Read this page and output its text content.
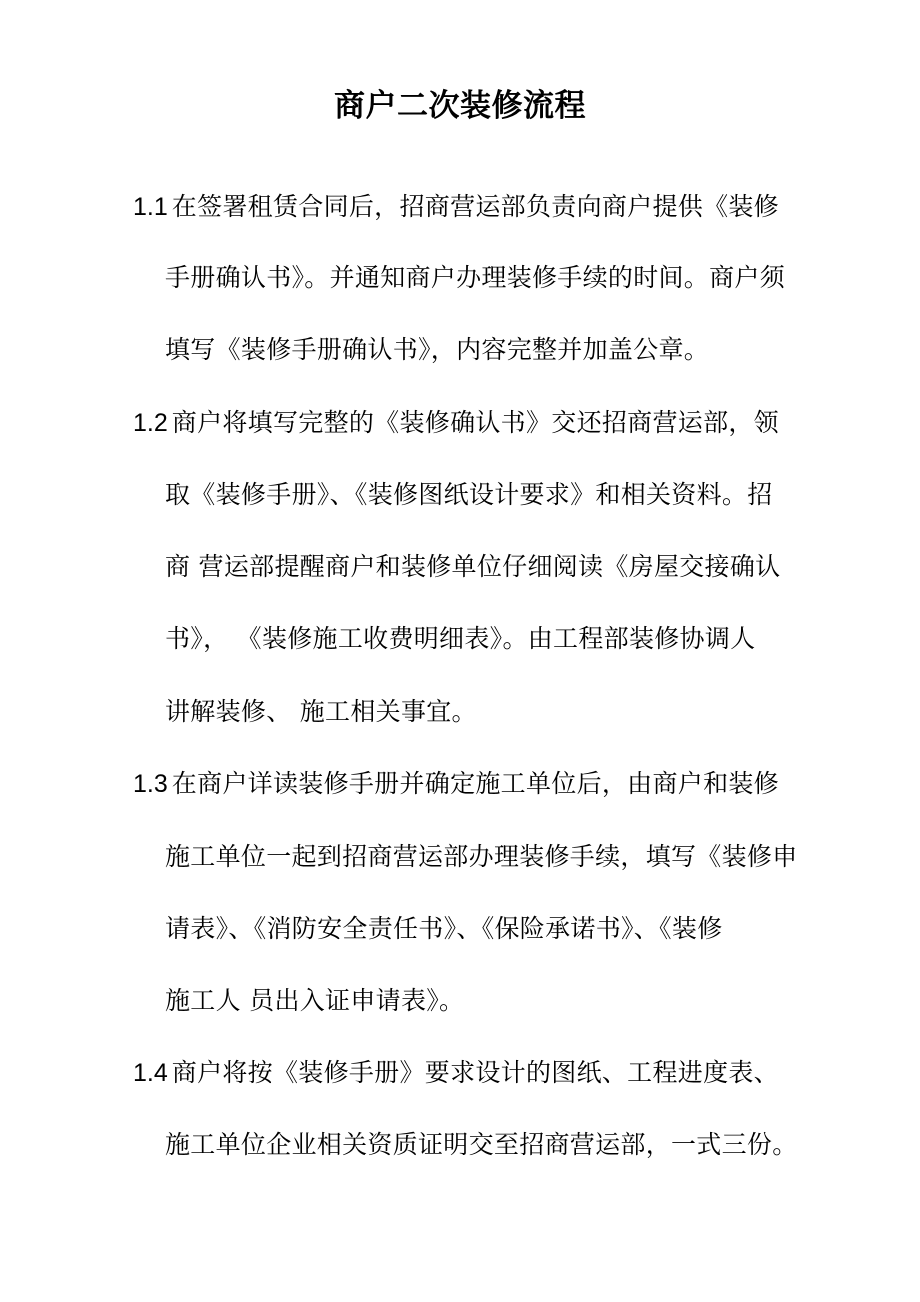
商户二次装修流程
1.1 在签署租赁合同后，招商营运部负责向商户提供《装修
手册确认书》。并通知商户办理装修手续的时间。商户须
填写《装修手册确认书》，内容完整并加盖公章。
1.2 商户将填写完整的《装修确认书》交还招商营运部，领
取《装修手册》、《装修图纸设计要求》和相关资料。招
商 营运部提醒商户和装修单位仔细阅读《房屋交接确认
书》， 《装修施工收费明细表》。由工程部装修协调人
讲解装修、 施工相关事宜。
1.3 在商户详读装修手册并确定施工单位后，由商户和装修
施工单位一起到招商营运部办理装修手续，填写《装修申
请表》、《消防安全责任书》、《保险承诺书》、《装修
施工人 员出入证申请表》。
1.4 商户将按《装修手册》要求设计的图纸、工程进度表、
施工单位企业相关资质证明交至招商营运部，一式三份。
